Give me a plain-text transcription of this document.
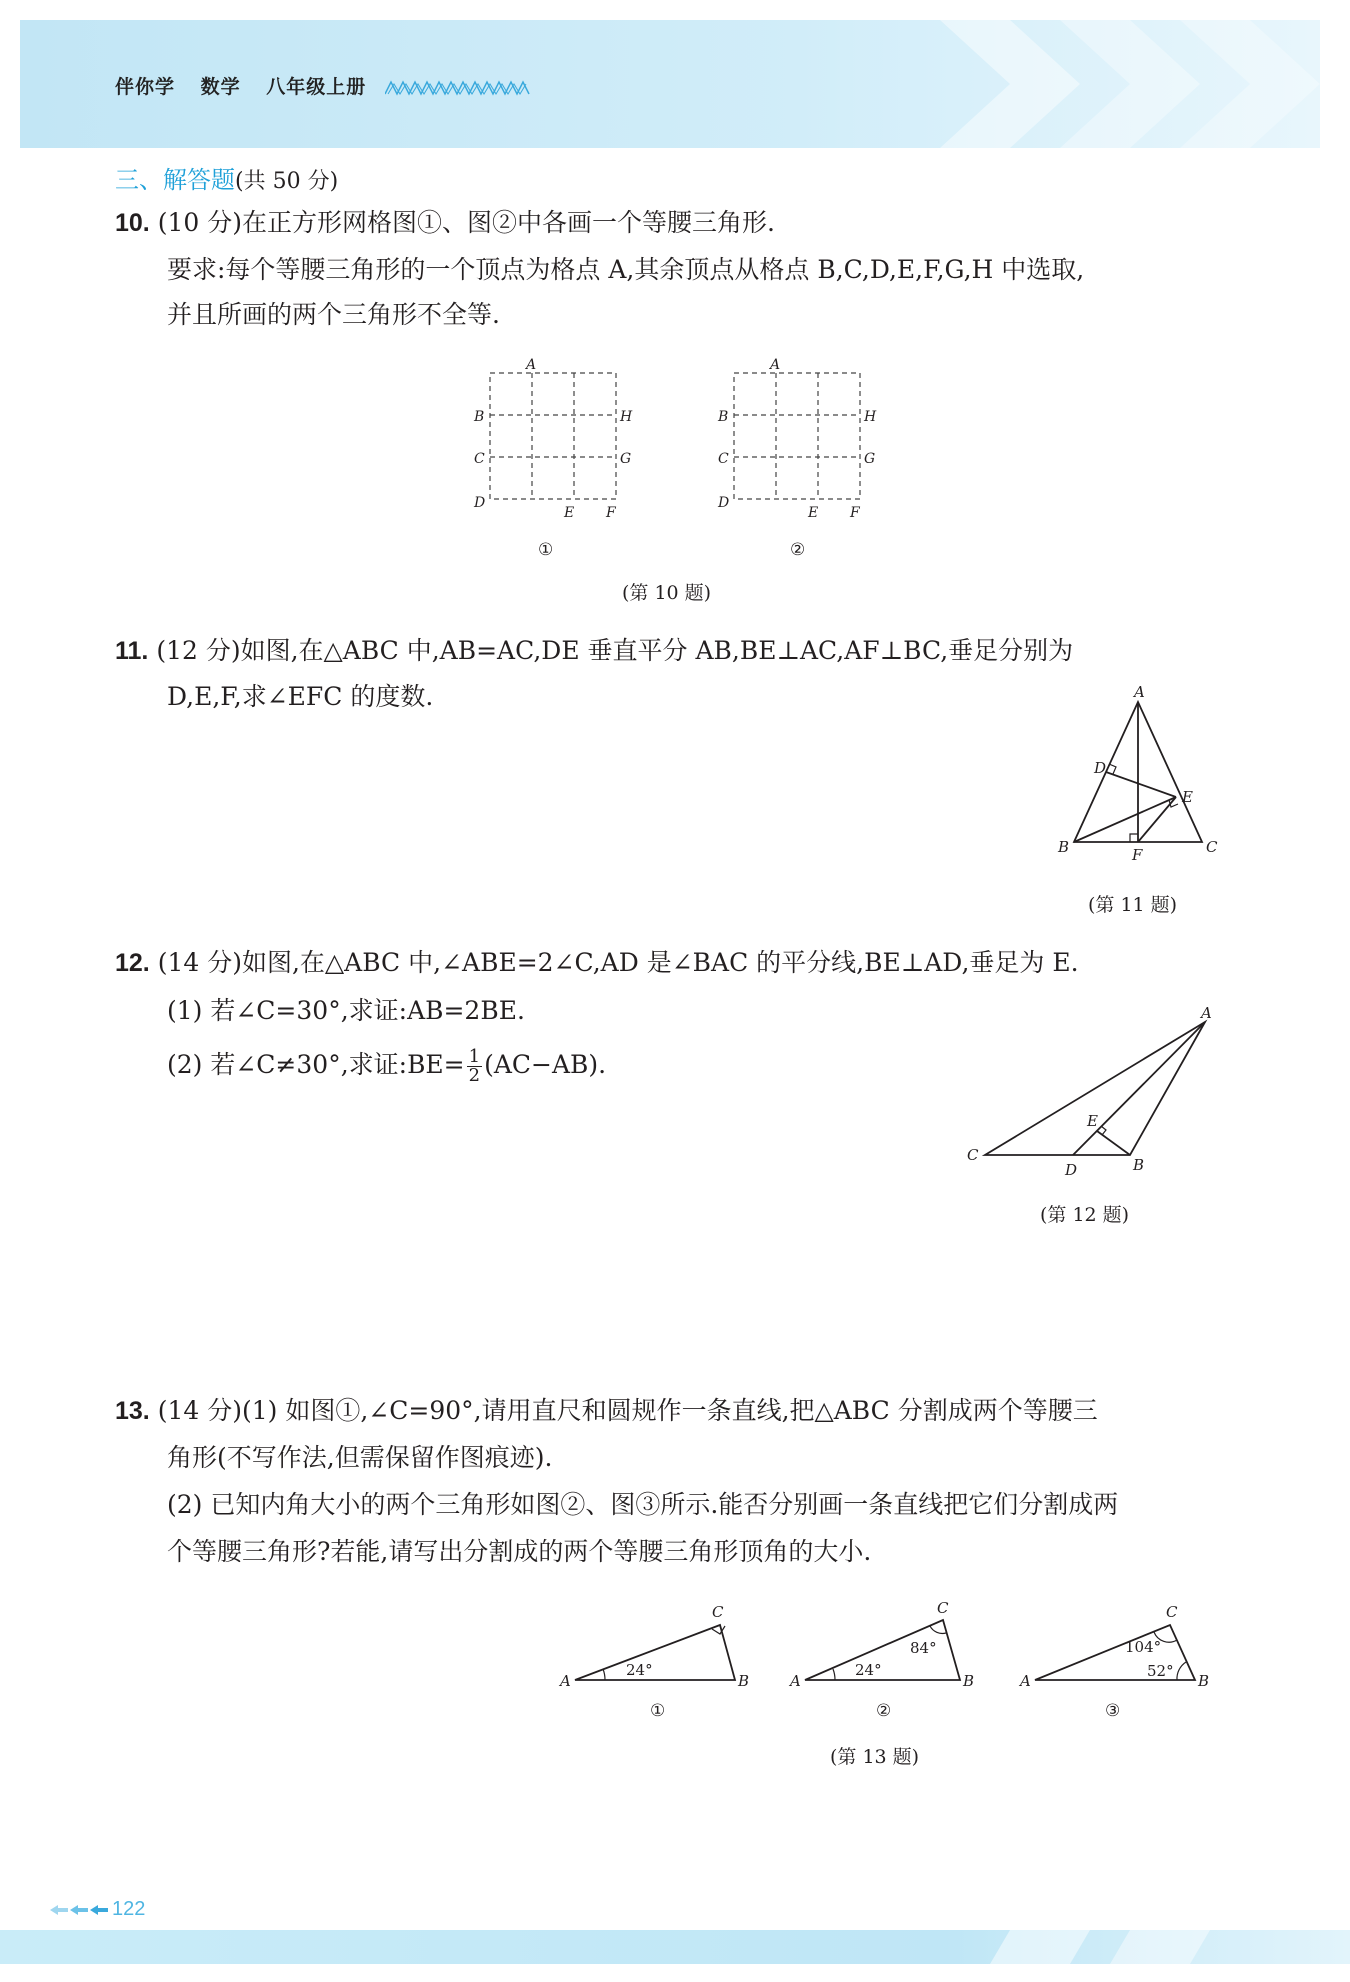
伴你学 数学 八年级上册
三、解答题(共 50 分)
10. (10 分)在正方形网格图①、图②中各画一个等腰三角形.
要求:每个等腰三角形的一个顶点为格点 A,其余顶点从格点 B,C,D,E,F,G,H 中选取,
并且所画的两个三角形不全等.
A
B
C
D
E F
G
H
①
A
B
C
D
E F
G
H
②
(第 10 题)
11. (12 分)如图,在△ABC 中,AB=AC,DE 垂直平分 AB,BE⊥AC,AF⊥BC,垂足分别为
D,E,F,求∠EFC 的度数.	A
B	C
D
E
F
(第 11 题)
12. (14 分)如图,在△ABC 中,∠ABE=2∠C,AD 是∠BAC 的平分线,BE⊥AD,垂足为 E.
(1) 若∠C=30°,求证:AB=2BE.
(2) 若∠C≠30°,求证:BE= $\frac{1}{2} (AC-AB)$.
A
B
C
D
E
(第 12 题)
13. (14 分)(1) 如图①,∠C=90°,请用直尺和圆规作一条直线,把△ABC 分割成两个等腰三
角形(不写作法,但需保留作图痕迹).
(2) 已知内角大小的两个三角形如图②、图③所示.能否分别画一条直线把它们分割成两
个等腰三角形?若能,请写出分割成的两个等腰三角形顶角的大小.
A	B
C
24°
①
A	B
C
24°
84°
②
A	B
C
104°
52°
③
(第 13 题)
122
